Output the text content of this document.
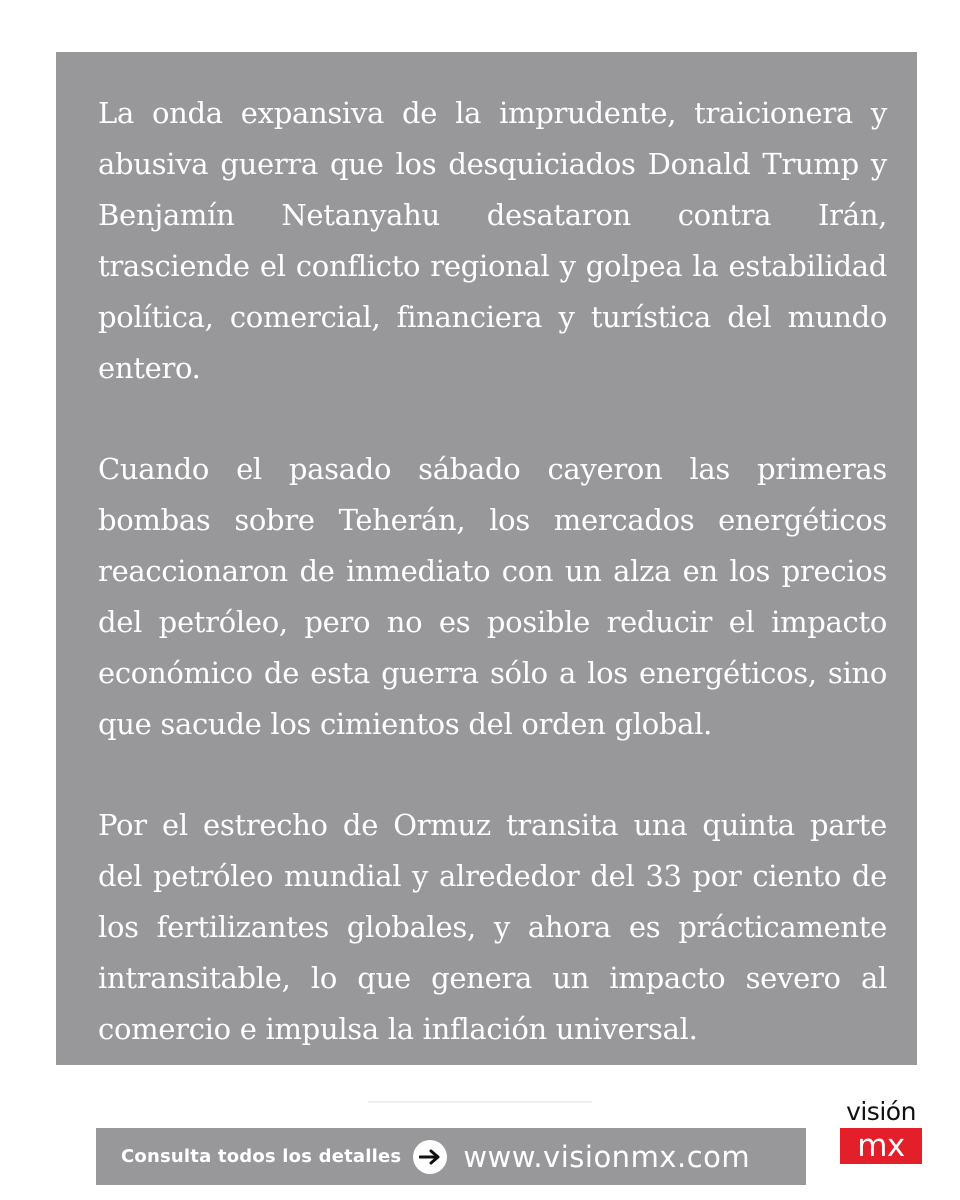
La onda expansiva de la imprudente, traicionera y abusiva guerra que los desquiciados Donald Trump y Benjamín Netanyahu desataron contra Irán, trasciende el conflicto regional y golpea la estabilidad política, comercial, financiera y turística del mundo entero.

Cuando el pasado sábado cayeron las primeras bombas sobre Teherán, los mercados energéticos reaccionaron de inmediato con un alza en los precios del petróleo, pero no es posible reducir el impacto económico de esta guerra sólo a los energéticos, sino que sacude los cimientos del orden global.

Por el estrecho de Ormuz transita una quinta parte del petróleo mundial y alrededor del 33 por ciento de los fertilizantes globales, y ahora es prácticamente intransitable, lo que genera un impacto severo al comercio e impulsa la inflación universal.

Consulta todos los detalles www.visionmx.com
visión
mx
